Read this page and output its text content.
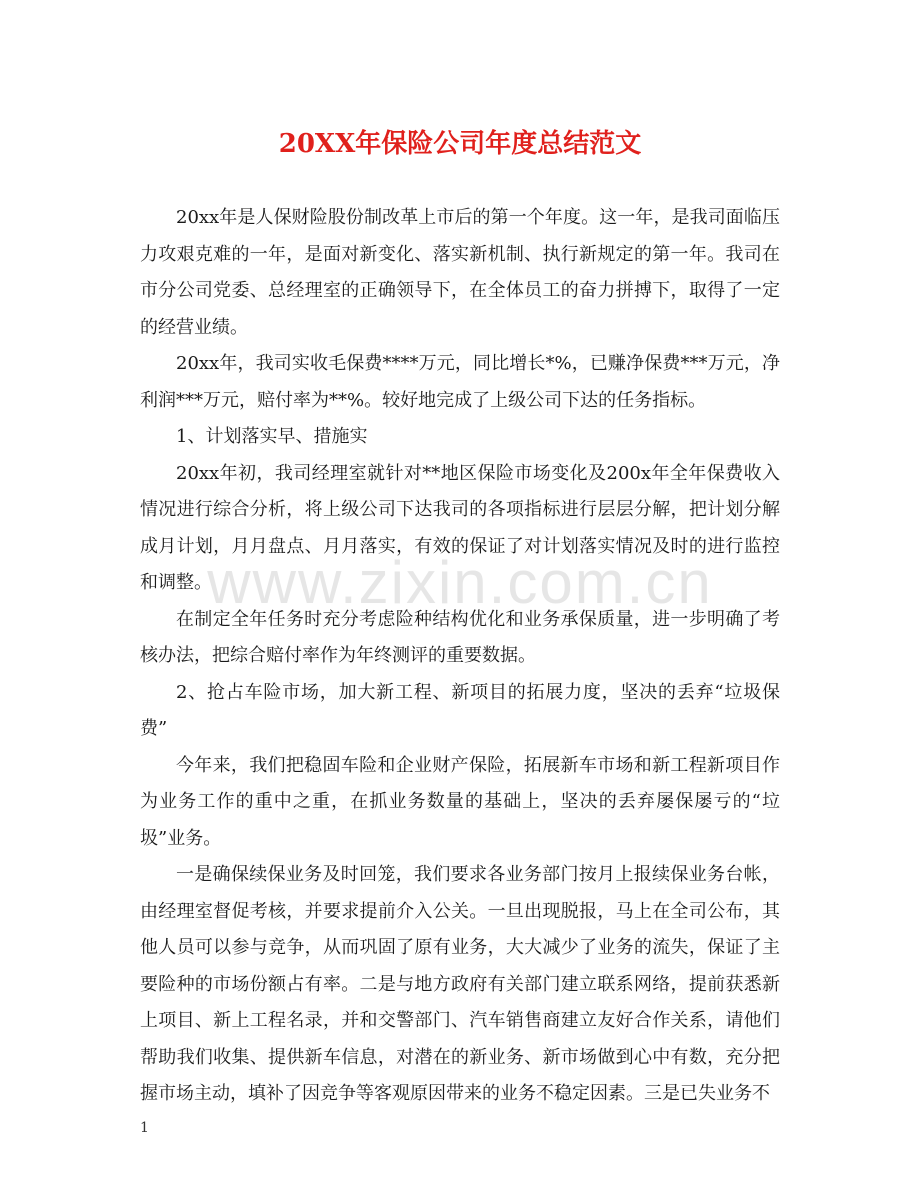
20XX年保险公司年度总结范文

20xx年是人保财险股份制改革上市后的第一个年度。这一年，是我司面临压力攻艰克难的一年，是面对新变化、落实新机制、执行新规定的第一年。我司在市分公司党委、总经理室的正确领导下，在全体员工的奋力拼搏下，取得了一定的经营业绩。

20xx年，我司实收毛保费****万元，同比增长*%，已赚净保费***万元，净利润***万元，赔付率为**%。较好地完成了上级公司下达的任务指标。

1、计划落实早、措施实

20xx年初，我司经理室就针对**地区保险市场变化及200x年全年保费收入情况进行综合分析，将上级公司下达我司的各项指标进行层层分解，把计划分解成月计划，月月盘点、月月落实，有效的保证了对计划落实情况及时的进行监控和调整。

在制定全年任务时充分考虑险种结构优化和业务承保质量，进一步明确了考核办法，把综合赔付率作为年终测评的重要数据。

2、抢占车险市场，加大新工程、新项目的拓展力度，坚决的丢弃“垃圾保费”

今年来，我们把稳固车险和企业财产保险，拓展新车市场和新工程新项目作为业务工作的重中之重，在抓业务数量的基础上，坚决的丢弃屡保屡亏的“垃圾”业务。

一是确保续保业务及时回笼，我们要求各业务部门按月上报续保业务台帐，由经理室督促考核，并要求提前介入公关。一旦出现脱报，马上在全司公布，其他人员可以参与竞争，从而巩固了原有业务，大大减少了业务的流失，保证了主要险种的市场份额占有率。二是与地方政府有关部门建立联系网络，提前获悉新上项目、新上工程名录，并和交警部门、汽车销售商建立友好合作关系，请他们帮助我们收集、提供新车信息，对潜在的新业务、新市场做到心中有数，充分把握市场主动，填补了因竞争等客观原因带来的业务不稳定因素。三是已失业务不

www.zixin.com.cn
1
